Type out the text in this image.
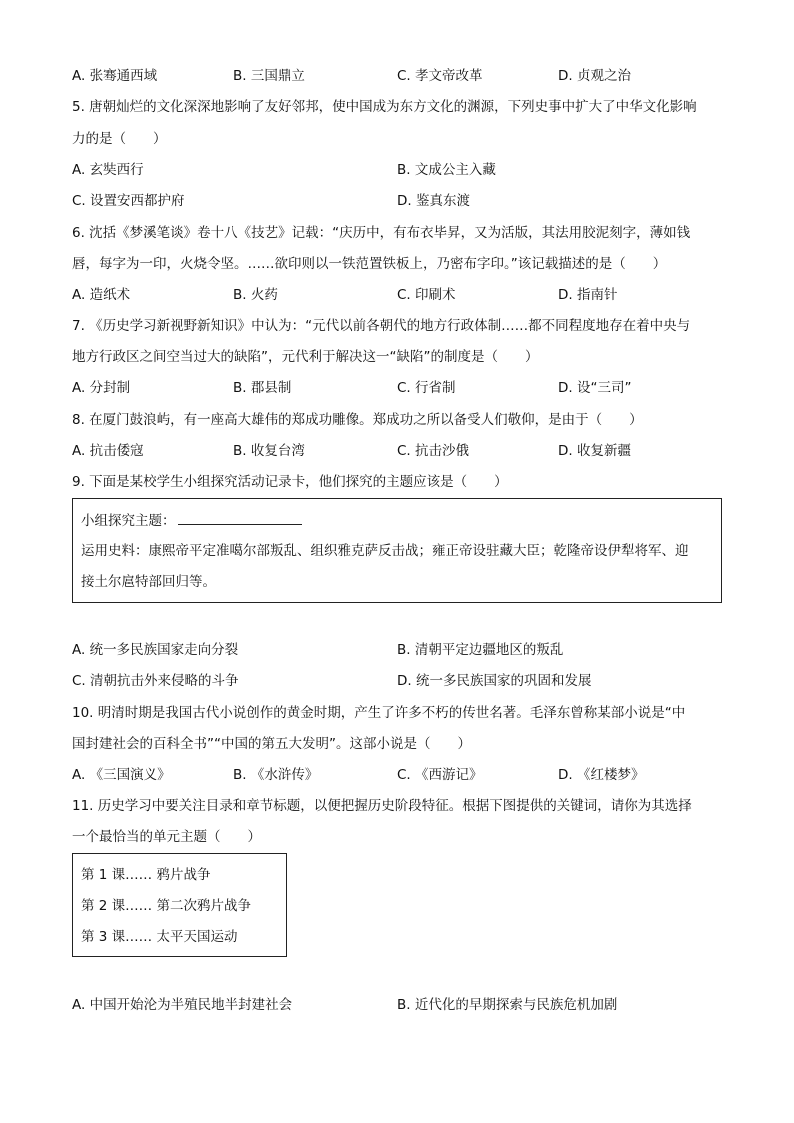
A. 张骞通西域	B. 三国鼎立	C. 孝文帝改革	D. 贞观之治
5. 唐朝灿烂的文化深深地影响了友好邻邦，使中国成为东方文化的渊源，下列史事中扩大了中华文化影响
力的是（　　）
A. 玄奘西行	B. 文成公主入藏
C. 设置安西都护府	D. 鉴真东渡
6. 沈括《梦溪笔谈》卷十八《技艺》记载：“庆历中，有布衣毕昇，又为活版，其法用胶泥刻字，薄如钱
唇，每字为一印，火烧令坚。……欲印则以一铁范置铁板上，乃密布字印。”该记载描述的是（　　）
A. 造纸术	B. 火药	C. 印刷术	D. 指南针
7. 《历史学习新视野新知识》中认为：“元代以前各朝代的地方行政体制……都不同程度地存在着中央与
地方行政区之间空当过大的缺陷”，元代利于解决这一“缺陷”的制度是（　　）
A. 分封制	B. 郡县制	C. 行省制	D. 设“三司”
8. 在厦门鼓浪屿，有一座高大雄伟的郑成功雕像。郑成功之所以备受人们敬仰，是由于（　　）
A. 抗击倭寇	B. 收复台湾	C. 抗击沙俄	D. 收复新疆
9. 下面是某校学生小组探究活动记录卡，他们探究的主题应该是（　　）
小组探究主题：
运用史料：康熙帝平定准噶尔部叛乱、组织雅克萨反击战；雍正帝设驻藏大臣；乾隆帝设伊犁将军、迎
接土尔扈特部回归等。
A. 统一多民族国家走向分裂	B. 清朝平定边疆地区的叛乱
C. 清朝抗击外来侵略的斗争	D. 统一多民族国家的巩固和发展
10. 明清时期是我国古代小说创作的黄金时期，产生了许多不朽的传世名著。毛泽东曾称某部小说是“中
国封建社会的百科全书”“中国的第五大发明”。这部小说是（　　）
A. 《三国演义》	B. 《水浒传》	C. 《西游记》	D. 《红楼梦》
11. 历史学习中要关注目录和章节标题，以便把握历史阶段特征。根据下图提供的关键词，请你为其选择
一个最恰当的单元主题（　　）
第 1 课…… 鸦片战争
第 2 课…… 第二次鸦片战争
第 3 课…… 太平天国运动
A. 中国开始沦为半殖民地半封建社会	B. 近代化的早期探索与民族危机加剧
